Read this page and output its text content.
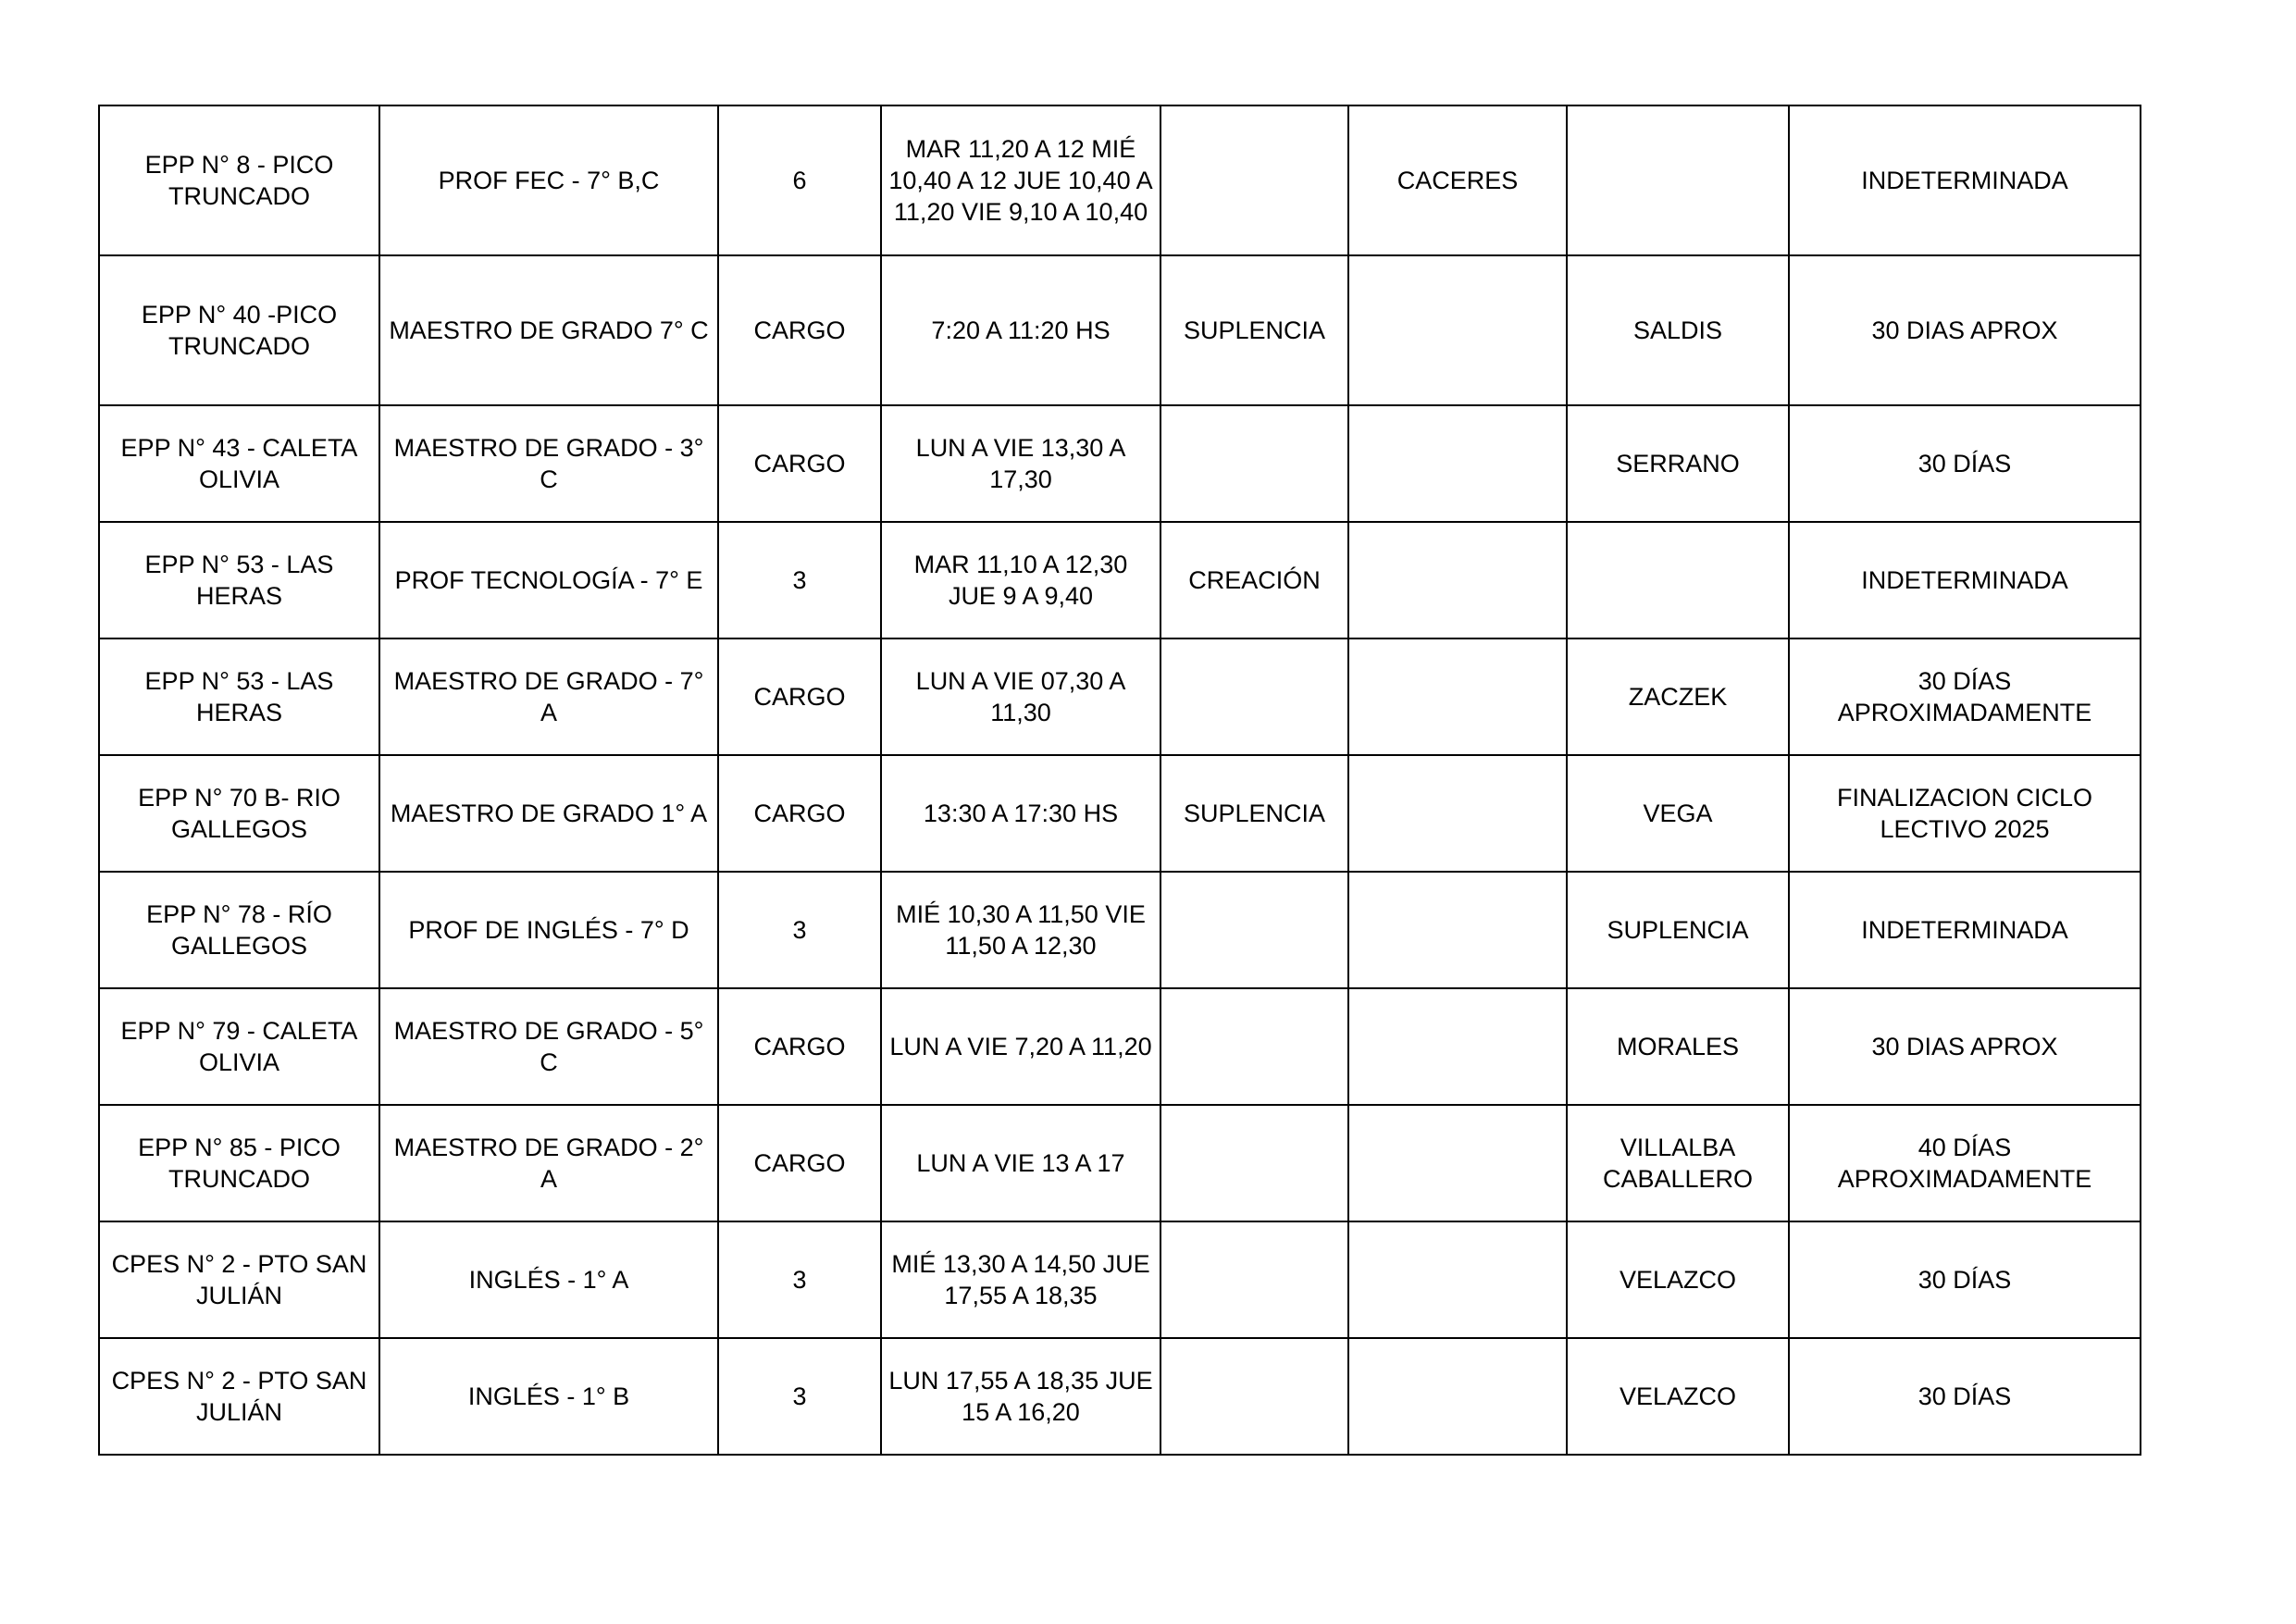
EPP N° 8 - PICO TRUNCADO	PROF FEC - 7° B,C	6	MAR 11,20 A 12 MIÉ 10,40 A 12 JUE 10,40 A 11,20 VIE 9,10 A 10,40		CACERES		INDETERMINADA

EPP N° 40 -PICO TRUNCADO	MAESTRO DE GRADO 7° C	CARGO	7:20 A 11:20 HS	SUPLENCIA		SALDIS	30 DIAS APROX

EPP N° 43 - CALETA OLIVIA	MAESTRO DE GRADO - 3° C	CARGO	LUN A VIE 13,30 A 17,30			SERRANO	30 DÍAS

EPP N° 53 - LAS HERAS	PROF TECNOLOGÍA - 7° E	3	MAR 11,10 A 12,30 JUE 9 A 9,40	CREACIÓN			INDETERMINADA

EPP N° 53 - LAS HERAS	MAESTRO DE GRADO - 7° A	CARGO	LUN A VIE 07,30 A 11,30			ZACZEK	30 DÍAS APROXIMADAMENTE

EPP N° 70 B- RIO GALLEGOS	MAESTRO DE GRADO 1° A	CARGO	13:30 A 17:30 HS	SUPLENCIA		VEGA	FINALIZACION CICLO LECTIVO 2025

EPP N° 78 - RÍO GALLEGOS	PROF DE INGLÉS - 7° D	3	MIÉ 10,30 A 11,50 VIE 11,50 A 12,30			SUPLENCIA	INDETERMINADA

EPP N° 79 - CALETA OLIVIA	MAESTRO DE GRADO - 5° C	CARGO	LUN A VIE 7,20 A 11,20			MORALES	30 DIAS APROX

EPP N° 85 - PICO TRUNCADO	MAESTRO DE GRADO - 2° A	CARGO	LUN A VIE 13 A 17			VILLALBA CABALLERO	40 DÍAS APROXIMADAMENTE

CPES N° 2 - PTO SAN JULIÁN	INGLÉS - 1° A	3	MIÉ 13,30 A 14,50 JUE 17,55 A 18,35			VELAZCO	30 DÍAS

CPES N° 2 - PTO SAN JULIÁN	INGLÉS - 1° B	3	LUN 17,55 A 18,35 JUE 15 A 16,20			VELAZCO	30 DÍAS
